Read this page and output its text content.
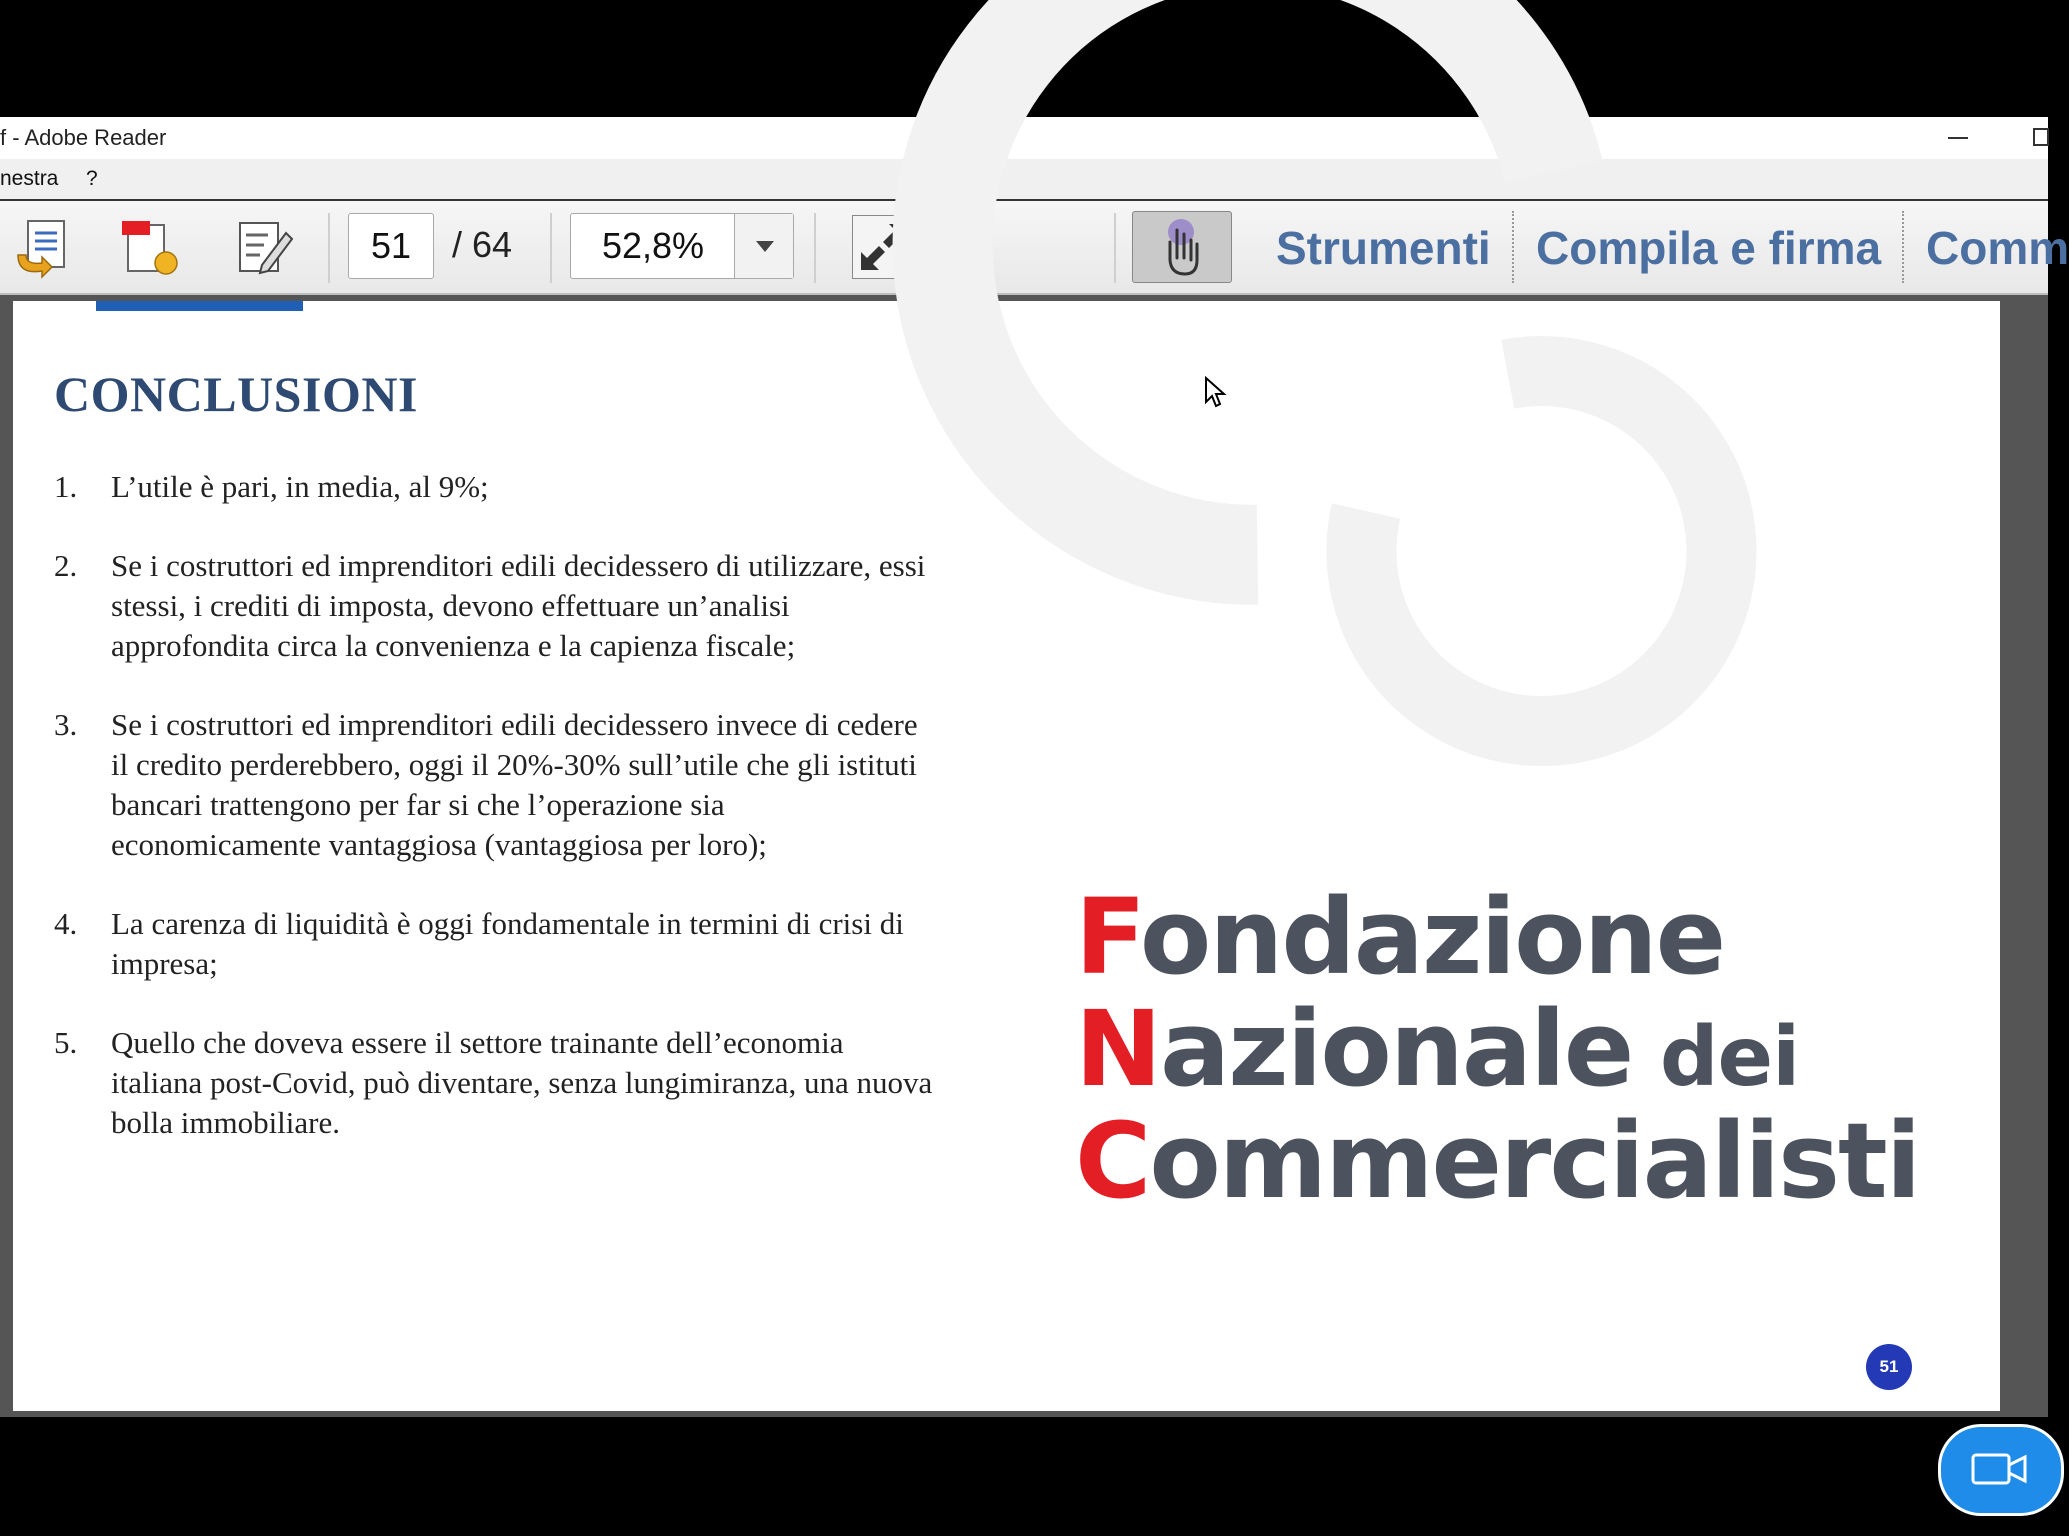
f - Adobe Reader
nestra ?
51	/ 64	52,8%	Strumenti Compila e firma Comm
CONCLUSIONI
1. L’utile è pari, in media, al 9%;
2. Se i costruttori ed imprenditori edili decidessero di utilizzare, essi stessi, i crediti di imposta, devono effettuare un’analisi approfondita circa la convenienza e la capienza fiscale;
3. Se i costruttori ed imprenditori edili decidessero invece di cedere il credito perderebbero, oggi il 20%-30% sull’utile che gli istituti bancari trattengono per far si che l’operazione sia economicamente vantaggiosa (vantaggiosa per loro);
4. La carenza di liquidità è oggi fondamentale in termini di crisi di impresa;
5. Quello che doveva essere il settore trainante dell’economia italiana post-Covid, può diventare, senza lungimiranza, una nuova bolla immobiliare.
Fondazione
Nazionale dei
Commercialisti
51
